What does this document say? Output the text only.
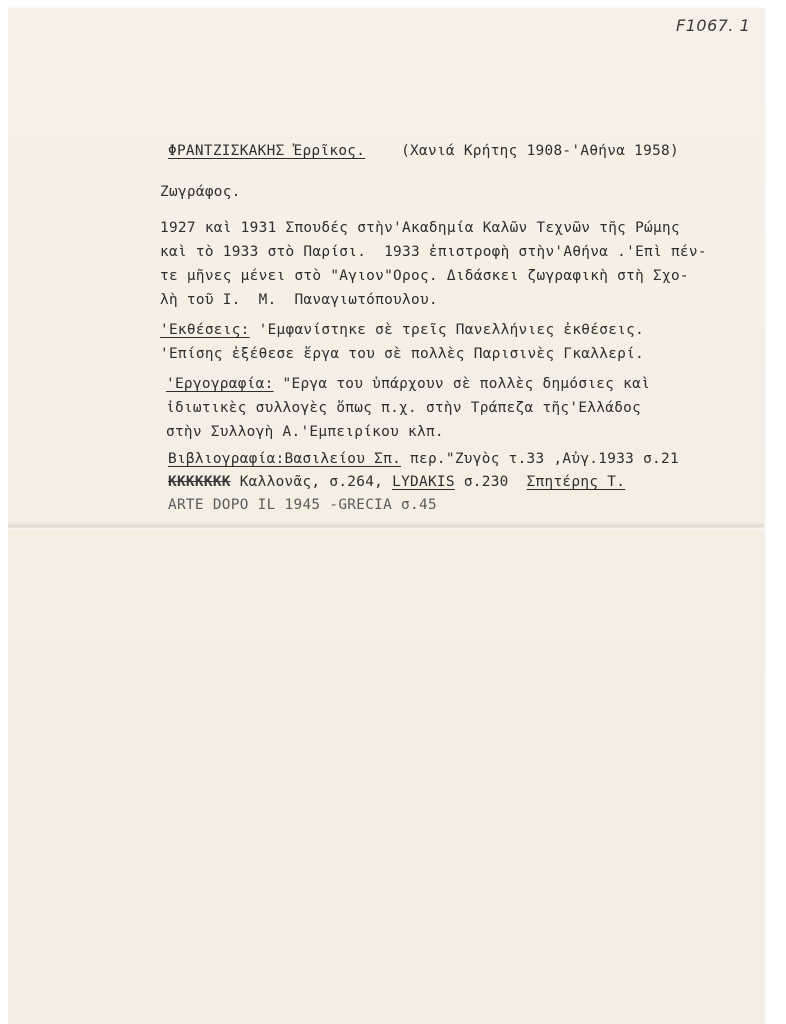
F1067. 1
ΦΡΑΝΤΖΙΣΚΑΚΗΣ Ἐρρῖκος. (Χανιά Κρήτης 1908-'Αθήνα 1958)
Ζωγράφος.
1927 καὶ 1931 Σπουδές στὴν'Ακαδημία Καλῶν Τεχνῶν τῆς Ρώμης
καὶ τὸ 1933 στὸ Παρίσι.  1933 ἐπιστροφὴ στὴν'Αθήνα .'Επὶ πέν-
τε μῆνες μένει στὸ "Αγιον"Ορος. Διδάσκει ζωγραφικὴ στὴ Σχο-
λὴ τοῦ Ι.  Μ.  Παναγιωτόπουλου.
'Εκθέσεις: 'Εμφανίστηκε σὲ τρεῖς Πανελλήνιες ἐκθέσεις.
'Επίσης ἐξέθεσε ἔργα του σὲ πολλὲς Παρισινὲς Γκαλλερί.
'Εργογραφία: "Εργα του ὑπάρχουν σὲ πολλὲς δημόσιες καὶ
ἰδιωτικὲς συλλογὲς ὅπως π.χ. στὴν Τράπεζα τῆς'Ελλάδος
στὴν Συλλογὴ Α.'Εμπειρίκου κλπ.
Βιβλιογραφία:Βασιλείου Σπ. περ."Ζυγὸς τ.33 ,Αὐγ.1933 σ.21
ΚΚΚΚΚΚΚ Καλλονᾶς, σ.264, LYDAKIS σ.230  Σπητέρης Τ.
ARTE DOPO IL 1945 -GRECIA σ.45
